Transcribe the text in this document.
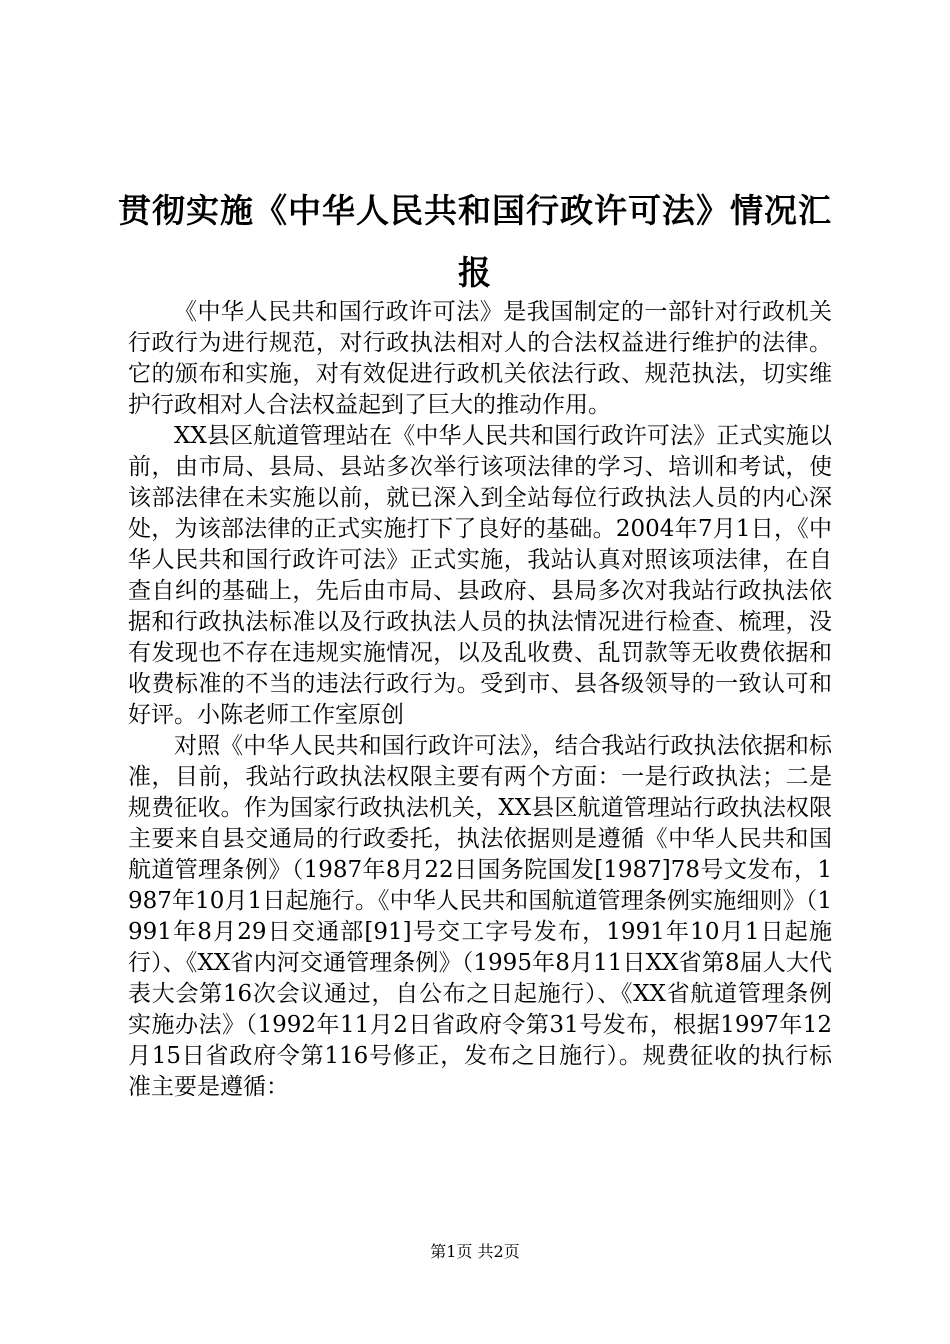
贯彻实施《中华人民共和国行政许可法》情况汇报

《中华人民共和国行政许可法》是我国制定的一部针对行政机关行政行为进行规范，对行政执法相对人的合法权益进行维护的法律。它的颁布和实施，对有效促进行政机关依法行政、规范执法，切实维护行政相对人合法权益起到了巨大的推动作用。

XX县区航道管理站在《中华人民共和国行政许可法》正式实施以前，由市局、县局、县站多次举行该项法律的学习、培训和考试，使该部法律在未实施以前，就已深入到全站每位行政执法人员的内心深处，为该部法律的正式实施打下了良好的基础。2004年7月1日，《中华人民共和国行政许可法》正式实施，我站认真对照该项法律，在自查自纠的基础上，先后由市局、县政府、县局多次对我站行政执法依据和行政执法标准以及行政执法人员的执法情况进行检查、梳理，没有发现也不存在违规实施情况，以及乱收费、乱罚款等无收费依据和收费标准的不当的违法行政行为。受到市、县各级领导的一致认可和好评。小陈老师工作室原创

对照《中华人民共和国行政许可法》，结合我站行政执法依据和标准，目前，我站行政执法权限主要有两个方面：一是行政执法；二是规费征收。作为国家行政执法机关，XX县区航道管理站行政执法权限主要来自县交通局的行政委托，执法依据则是遵循《中华人民共和国航道管理条例》（1987年8月22日国务院国发[1987]78号文发布，1987年10月1日起施行。《中华人民共和国航道管理条例实施细则》（1991年8月29日交通部[91]号交工字号发布，1991年10月1日起施行）、《XX省内河交通管理条例》（1995年8月11日XX省第8届人大代表大会第16次会议通过，自公布之日起施行）、《XX省航道管理条例实施办法》（1992年11月2日省政府令第31号发布，根据1997年12月15日省政府令第116号修正，发布之日施行）。规费征收的执行标准主要是遵循：

第1页 共2页
